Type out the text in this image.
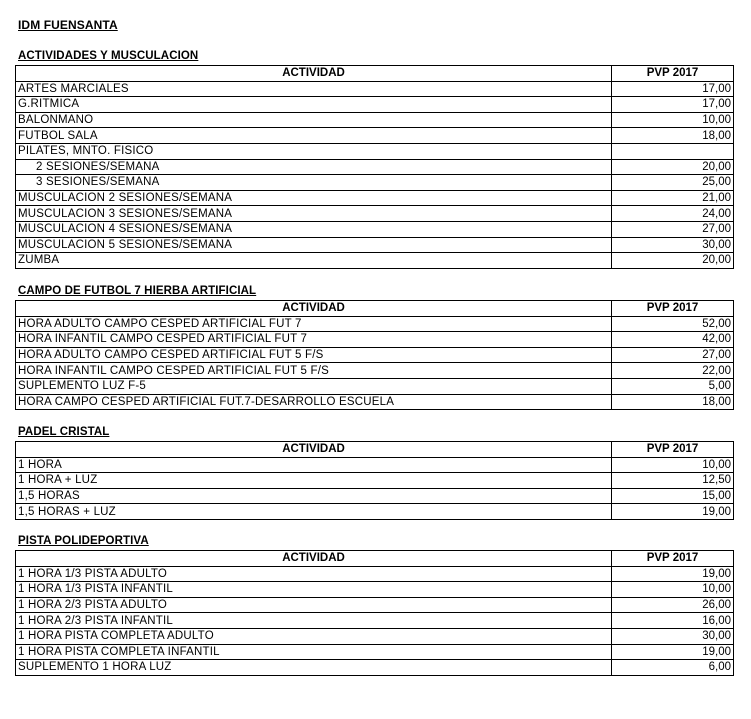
IDM FUENSANTA
ACTIVIDADES Y MUSCULACION
ACTIVIDAD	PVP 2017
ARTES MARCIALES	17,00
G.RITMICA	17,00
BALONMANO	10,00
FUTBOL SALA	18,00
PILATES, MNTO. FISICO	
2 SESIONES/SEMANA	20,00
3 SESIONES/SEMANA	25,00
MUSCULACION 2 SESIONES/SEMANA	21,00
MUSCULACION 3 SESIONES/SEMANA	24,00
MUSCULACION 4 SESIONES/SEMANA	27,00
MUSCULACION 5 SESIONES/SEMANA	30,00
ZUMBA	20,00
CAMPO DE FUTBOL 7 HIERBA ARTIFICIAL
ACTIVIDAD	PVP 2017
HORA ADULTO CAMPO CESPED ARTIFICIAL FUT 7	52,00
HORA INFANTIL CAMPO CESPED ARTIFICIAL FUT 7	42,00
HORA ADULTO CAMPO CESPED ARTIFICIAL FUT 5 F/S	27,00
HORA INFANTIL CAMPO CESPED ARTIFICIAL FUT 5 F/S	22,00
SUPLEMENTO LUZ F-5	5,00
HORA CAMPO CESPED ARTIFICIAL FUT.7-DESARROLLO ESCUELA	18,00
PADEL CRISTAL
ACTIVIDAD	PVP 2017
1 HORA	10,00
1 HORA + LUZ	12,50
1,5 HORAS	15,00
1,5 HORAS + LUZ	19,00
PISTA POLIDEPORTIVA
ACTIVIDAD	PVP 2017
1 HORA 1/3 PISTA ADULTO	19,00
1 HORA 1/3 PISTA INFANTIL	10,00
1 HORA 2/3 PISTA ADULTO	26,00
1 HORA 2/3 PISTA INFANTIL	16,00
1 HORA PISTA COMPLETA ADULTO	30,00
1 HORA PISTA COMPLETA INFANTIL	19,00
SUPLEMENTO 1 HORA LUZ	6,00
